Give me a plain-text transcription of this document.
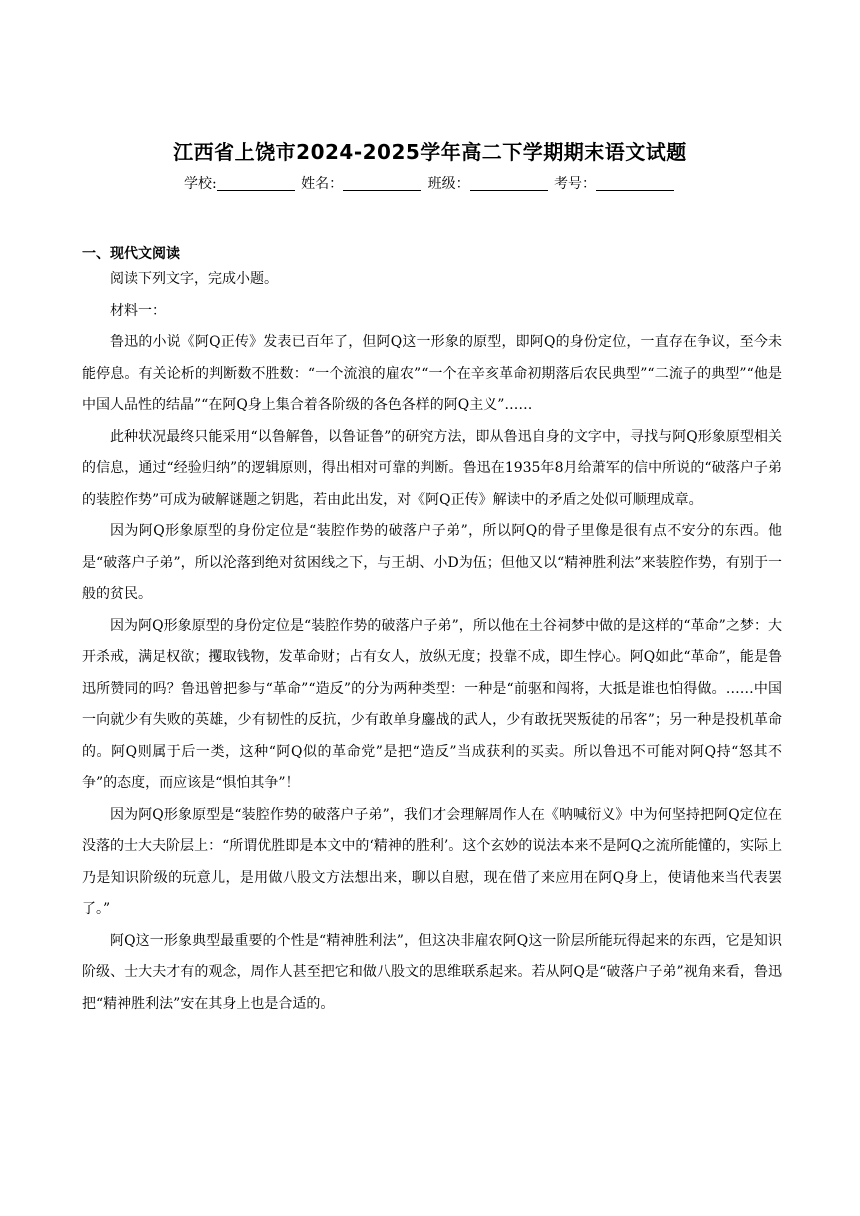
江西省上饶市2024-2025学年高二下学期期末语文试题
学校:	姓名：	班级：	考号：
一、现代文阅读

阅读下列文字，完成小题。

材料一：

鲁迅的小说《阿Q正传》发表已百年了，但阿Q这一形象的原型，即阿Q的身份定位，一直存在争议，至今未能停息。有关论析的判断数不胜数：“一个流浪的雇农”“一个在辛亥革命初期落后农民典型”“二流子的典型”“他是中国人品性的结晶”“在阿Q身上集合着各阶级的各色各样的阿Q主义”……

此种状况最终只能采用“以鲁解鲁，以鲁证鲁”的研究方法，即从鲁迅自身的文字中，寻找与阿Q形象原型相关的信息，通过“经验归纳”的逻辑原则，得出相对可靠的判断。鲁迅在1935年8月给萧军的信中所说的“破落户子弟的装腔作势”可成为破解谜题之钥匙，若由此出发，对《阿Q正传》解读中的矛盾之处似可顺理成章。

因为阿Q形象原型的身份定位是“装腔作势的破落户子弟”，所以阿Q的骨子里像是很有点不安分的东西。他是“破落户子弟”，所以沦落到绝对贫困线之下，与王胡、小D为伍；但他又以“精神胜利法”来装腔作势，有别于一般的贫民。

因为阿Q形象原型的身份定位是“装腔作势的破落户子弟”，所以他在土谷祠梦中做的是这样的“革命”之梦：大开杀戒，满足权欲；攫取钱物，发革命财；占有女人，放纵无度；投靠不成，即生悖心。阿Q如此“革命”，能是鲁迅所赞同的吗？鲁迅曾把参与“革命”“造反”的分为两种类型：一种是“前驱和闯将，大抵是谁也怕得做。……中国一向就少有失败的英雄，少有韧性的反抗，少有敢单身鏖战的武人，少有敢抚哭叛徒的吊客”；另一种是投机革命的。阿Q则属于后一类，这种“阿Q似的革命党”是把“造反”当成获利的买卖。所以鲁迅不可能对阿Q持“怒其不争”的态度，而应该是“惧怕其争”！

因为阿Q形象原型是“装腔作势的破落户子弟”，我们才会理解周作人在《呐喊衍义》中为何坚持把阿Q定位在没落的士大夫阶层上：“所谓优胜即是本文中的‘精神的胜利’。这个玄妙的说法本来不是阿Q之流所能懂的，实际上乃是知识阶级的玩意儿，是用做八股文方法想出来，聊以自慰，现在借了来应用在阿Q身上，使请他来当代表罢了。”

阿Q这一形象典型最重要的个性是“精神胜利法”，但这决非雇农阿Q这一阶层所能玩得起来的东西，它是知识阶级、士大夫才有的观念，周作人甚至把它和做八股文的思维联系起来。若从阿Q是“破落户子弟”视角来看，鲁迅把“精神胜利法”安在其身上也是合适的。
